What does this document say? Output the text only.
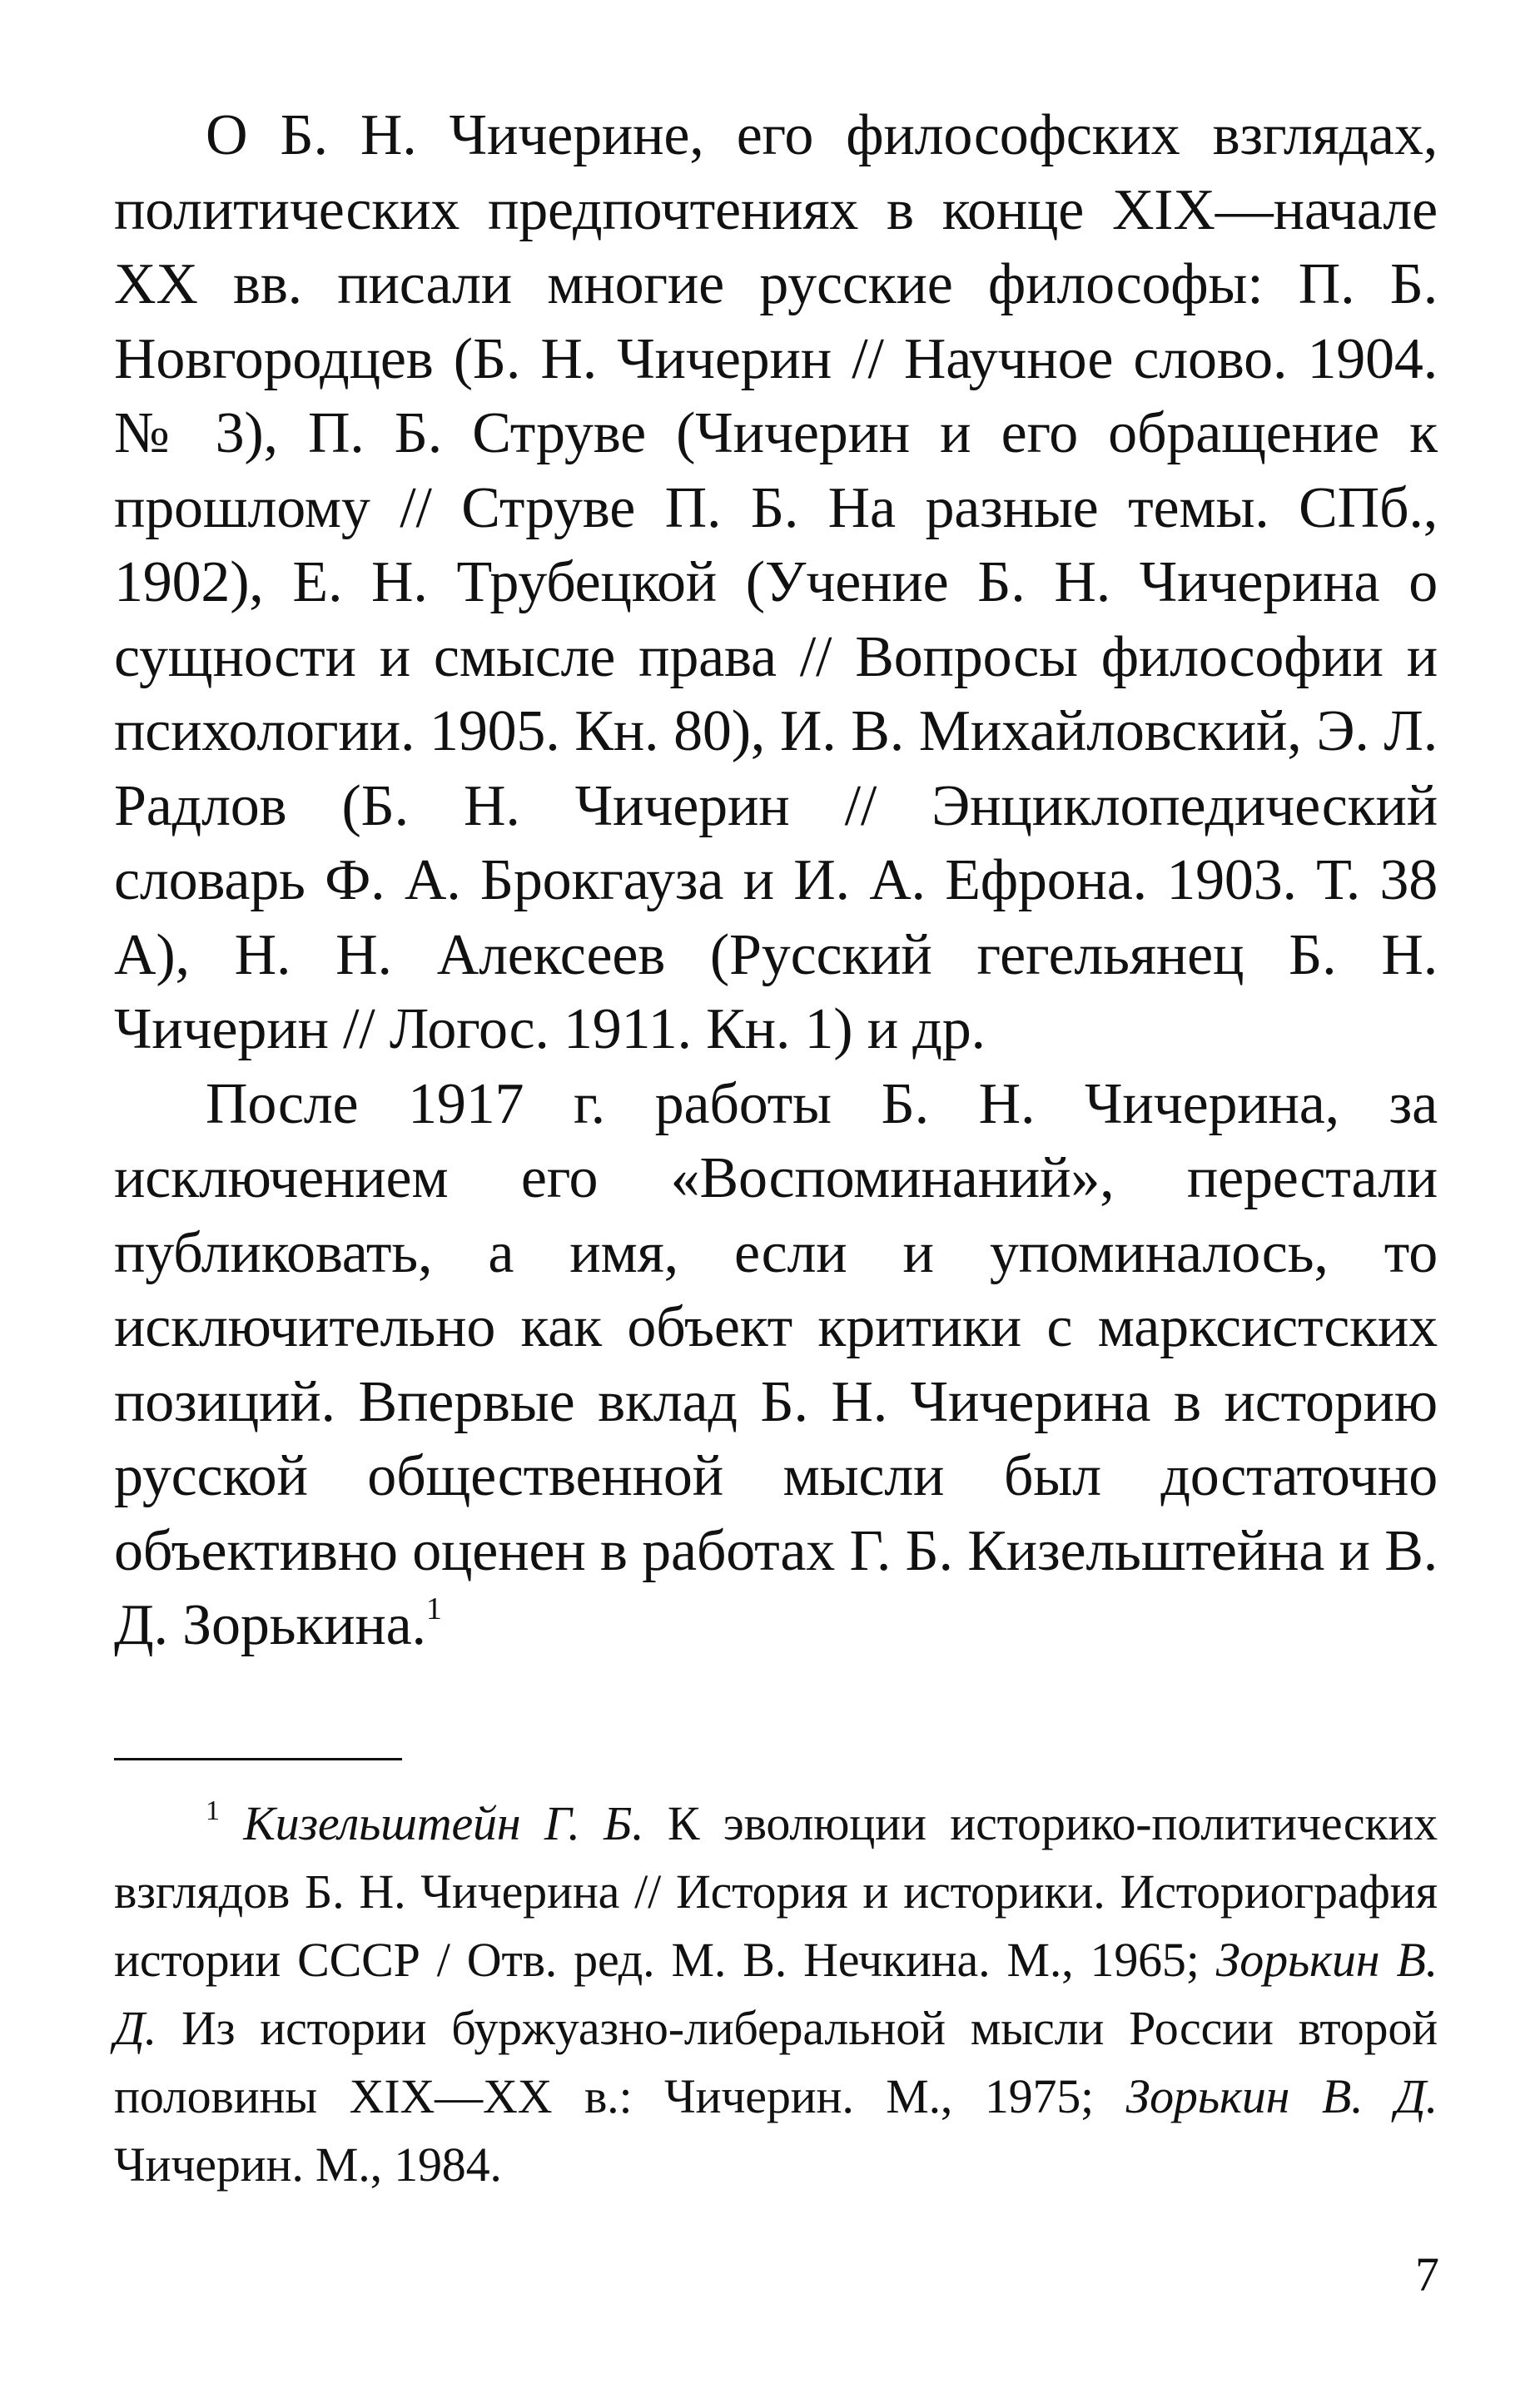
О Б. Н. Чичерине, его философских взглядах, политических предпочтениях в конце XIX—начале XX вв. писали многие русские философы: П. Б. Новгородцев (Б. Н. Чичерин // Научное слово. 1904. № 3), П. Б. Струве (Чичерин и его обращение к прошлому // Струве П. Б. На разные темы. СПб., 1902), Е. Н. Трубецкой (Учение Б. Н. Чичерина о сущности и смысле права // Вопросы философии и психологии. 1905. Кн. 80), И. В. Михайловский, Э. Л. Радлов (Б. Н. Чичерин // Энциклопедический словарь Ф. А. Брокгауза и И. А. Ефрона. 1903. Т. 38 А), Н. Н. Алексеев (Русский гегельянец Б. Н. Чичерин // Логос. 1911. Кн. 1) и др.

После 1917 г. работы Б. Н. Чичерина, за исключением его «Воспоминаний», перестали публиковать, а имя, если и упоминалось, то исключительно как объект критики с марксистских позиций. Впервые вклад Б. Н. Чичерина в историю русской общественной мысли был достаточно объективно оценен в работах Г. Б. Кизельштейна и В. Д. Зорькина.$^1$

$^1$ Кизельштейн Г. Б. К эволюции историко-политических взглядов Б. Н. Чичерина // История и историки. Историография истории СССР / Отв. ред. М. В. Нечкина. М., 1965; Зорькин В. Д. Из истории буржуазно-либеральной мысли России второй половины XIX—XX в.: Чичерин. М., 1975; Зорькин В. Д. Чичерин. М., 1984.

7
